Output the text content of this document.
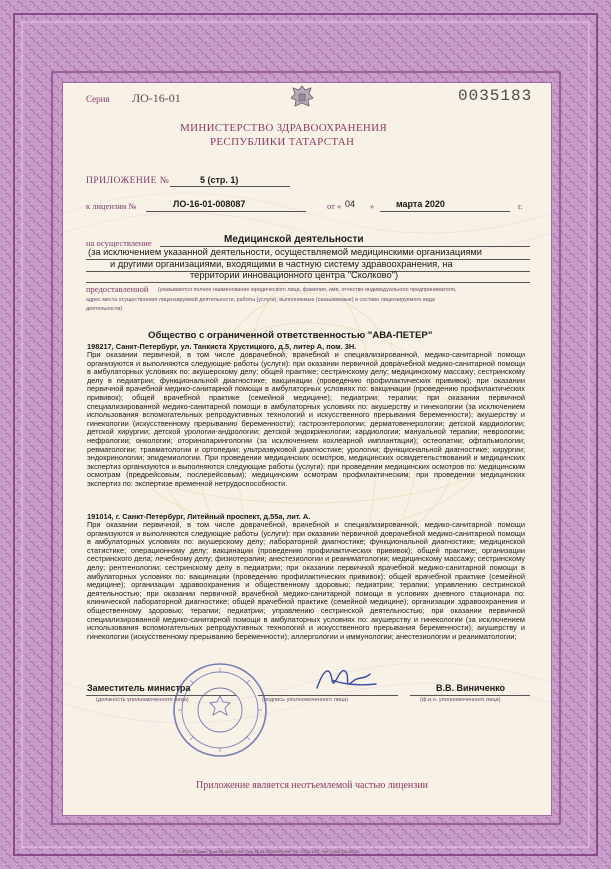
Серия ЛО-16-01	0035183
МИНИСТЕРСТВО ЗДРАВООХРАНЕНИЯ
РЕСПУБЛИКИ ТАТАРСТАН
ПРИЛОЖЕНИЕ №	5 (стр. 1)
к лицензии №	ЛО-16-01-008087	от « 04 » марта 2020	г.
на осуществление	Медицинской деятельности
(за исключением указанной деятельности, осуществляемой медицинскими организациями
и другими организациями, входящими в частную систему здравоохранения, на
территории инновационного центра "Сколково")
предоставленной (указываются полное наименование юридического лица, фамилия, имя, отчество индивидуального предпринимателя,
адрес места осуществления лицензируемой деятельности, работы (услуги), выполняемые (оказываемые) в составе лицензируемого вида
деятельности)
Общество с ограниченной ответственностью "АВА-ПЕТЕР"
198217, Санкт-Петербург, ул. Танкиста Хрустицкого, д.5, литер А, пом. 3Н.
При оказании первичной, в том числе доврачебной, врачебной и специализированной, медико-санитарной помощи организуются и выполняются следующие работы (услуги): при оказании первичной доврачебной медико-санитарной помощи в амбулаторных условиях по: акушерскому делу; общей практике; сестринскому делу; медицинскому массажу; сестринскому делу в педиатрии; функциональной диагностике; вакцинации (проведению профилактических прививок); при оказании первичной врачебной медико-санитарной помощи в амбулаторных условиях по: вакцинации (проведению профилактических прививок); общей врачебной практике (семейной медицине); педиатрии; терапии; при оказании первичной специализированной медико-санитарной помощи в амбулаторных условиях по: акушерству и гинекологии (за исключением использования вспомогательных репродуктивных технологий и искусственного прерывания беременности); акушерству и гинекологии (искусственному прерыванию беременности); гастроэнтерологии; дерматовенерологии; детской кардиологии; детской хирургии; детской урологии-андрологии; детской эндокринологии; кардиологии; мануальной терапии; неврологии; нефрологии; онкологии; оториноларингологии (за исключением кохлеарной имплантации); остеопатии; офтальмологии; ревматологии; травматологии и ортопедии; ультразвуковой диагностике; урологии; функциональной диагностике; хирургии; эндокринологии; эпидемиологии. При проведении медицинских осмотров, медицинских освидетельствований и медицинских экспертиз организуются и выполняются следующие работы (услуги): при проведении медицинских осмотров по: медицинским осмотрам (предрейсовым, послерейсовым); медицинским осмотрам профилактическим; при проведении медицинских экспертиз по: экспертизе временной нетрудоспособности.
191014, г. Санкт-Петербург, Литейный проспект, д.55а, лит. А.
При оказании первичной, в том числе доврачебной, врачебной и специализированной, медико-санитарной помощи организуются и выполняются следующие работы (услуги): при оказании первичной доврачебной медико-санитарной помощи в амбулаторных условиях по: акушерскому делу; лабораторной диагностике; функциональной диагностике; медицинской статистике; операционному делу; вакцинации (проведению профилактических прививок); общей практике; организации сестринского дела; лечебному делу; физиотерапии; анестезиологии и реаниматологии; медицинскому массажу; сестринскому делу; рентгенологии; сестринскому делу в педиатрии; при оказании первичной врачебной медико-санитарной помощи в амбулаторных условиях по: вакцинации (проведению профилактических прививок); общей врачебной практике (семейной медицине); организации здравоохранения и общественному здоровью; педиатрии; терапии; управлению сестринской деятельностью; при оказании первичной врачебной медико-санитарной помощи в условиях дневного стационара по: клинической лабораторной диагностике; общей врачебной практике (семейной медицине); организации здравоохранения и общественному здоровью; терапии; педиатрии; управлению сестринской деятельностью; при оказании первичной специализированной медико-санитарной помощи в амбулаторных условиях по: акушерству и гинекологии (за исключением использования вспомогательных репродуктивных технологий и искусственного прерывания беременности); акушерству и гинекологии (искусственному прерыванию беременности); аллергологии и иммунологии; анестезиологии и реаниматологии;
Заместитель министра
(должность уполномоченного лица)	(подпись уполномоченного лица)
В.В. Виниченко
(ф.и.о. уполномоченного лица)
Приложение является неотъемлемой частью лицензии
© ФГУП "Гознак"; ф-ка ПК 2014 г. «В». Лиц. № 05-05-09/003 ФНС РФ. ТЗ № 1007. Тел.: (495) 234-00-96
